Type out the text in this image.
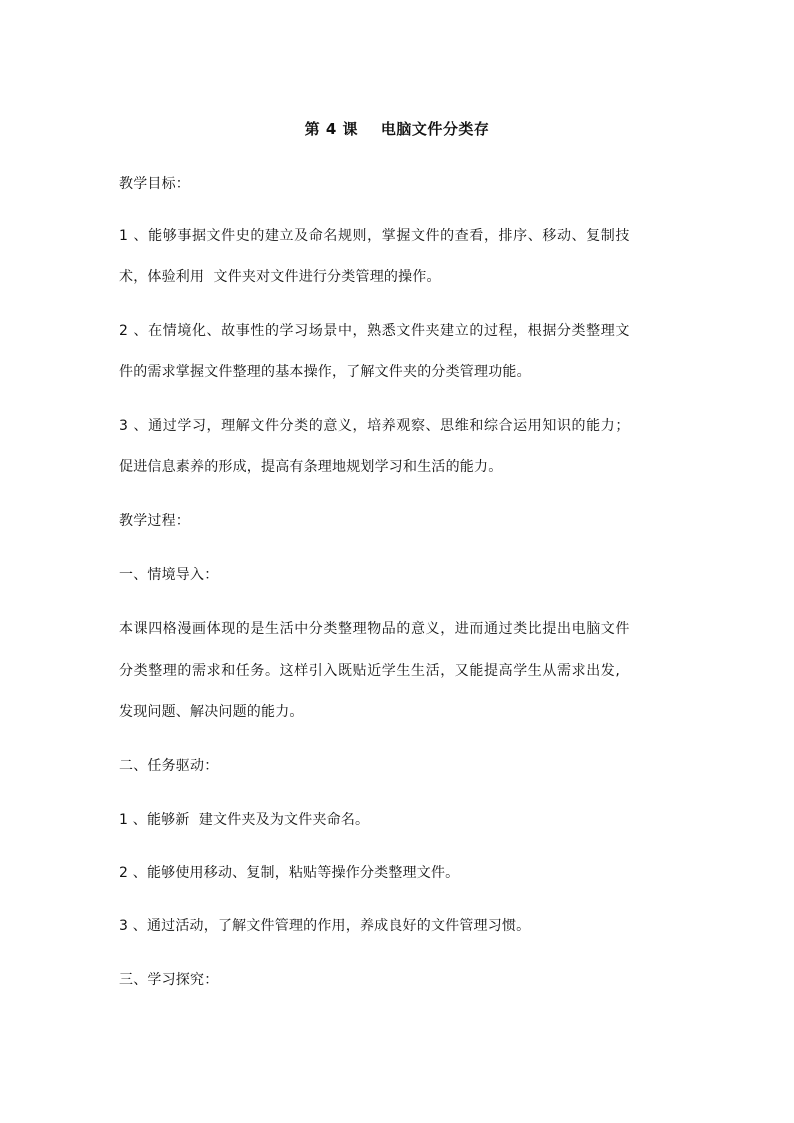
第 4 课    电脑文件分类存
教学目标：
1 、能够事据文件史的建立及命名规则，掌握文件的查看，排序、移动、复制技
术，体验利用  文件夹对文件进行分类管理的操作。
2 、在情境化、故事性的学习场景中，熟悉文件夹建立的过程，根据分类整理文
件的需求掌握文件整理的基本操作，了解文件夹的分类管理功能。
3 、通过学习，理解文件分类的意义，培养观察、思维和综合运用知识的能力；
促进信息素养的形成，提高有条理地规划学习和生活的能力。
教学过程：
一、情境导入：
本课四格漫画体现的是生活中分类整理物品的意义，进而通过类比提出电脑文件
分类整理的需求和任务。这样引入既贴近学生生活，又能提高学生从需求出发,
发现问题、解决问题的能力。
二、任务驱动：
1 、能够新  建文件夹及为文件夹命名。
2 、能够使用移动、复制，粘贴等操作分类整理文件。
3 、通过活动，了解文件管理的作用，养成良好的文件管理习惯。
三、学习探究：
